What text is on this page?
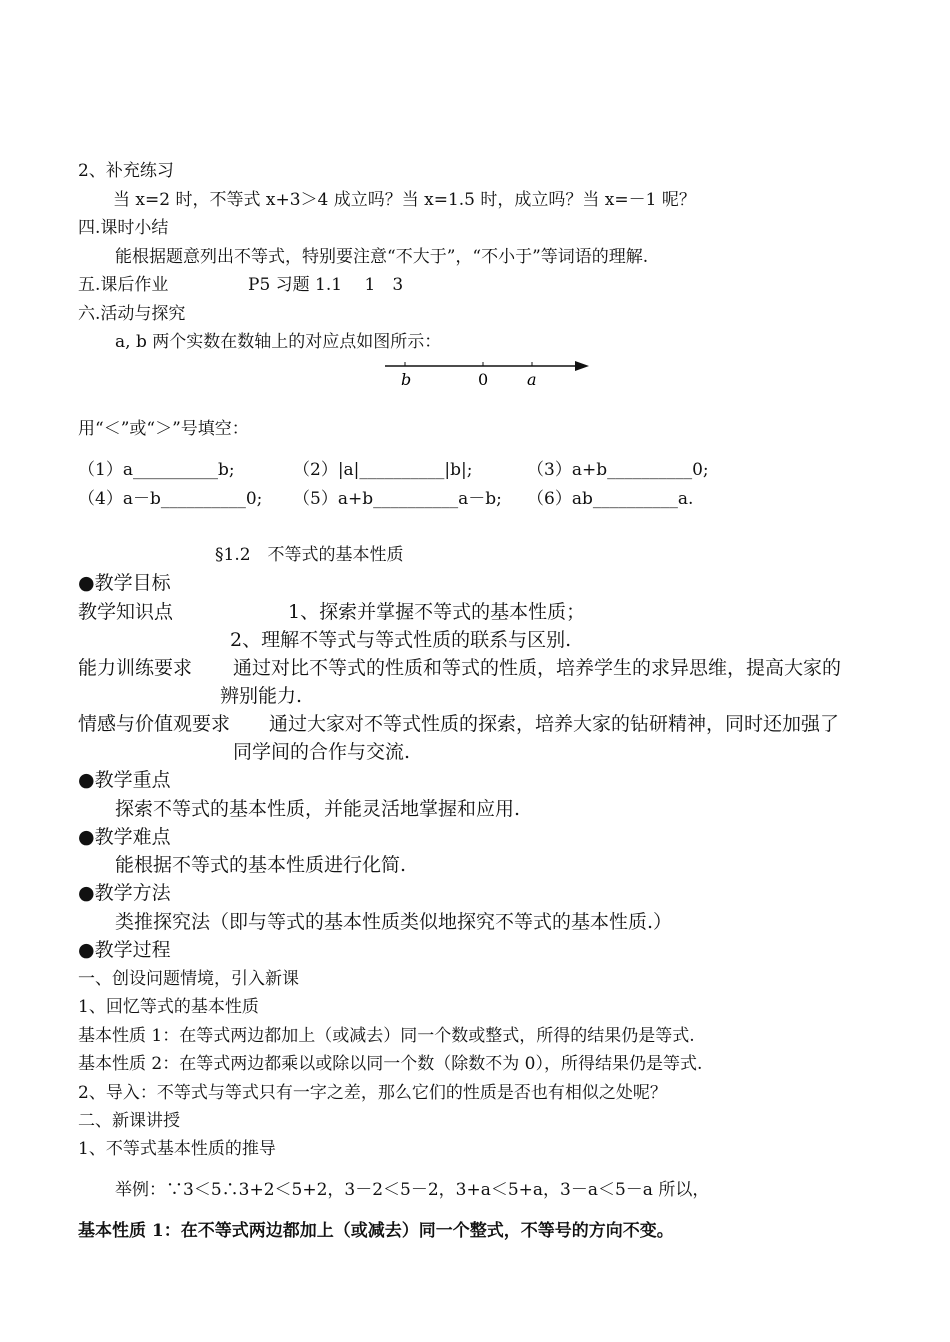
2、补充练习
当 x=2 时，不等式 x+3＞4 成立吗？当 x=1.5 时，成立吗？当 x=－1 呢？
四.课时小结
能根据题意列出不等式，特别要注意“不大于”，“不小于”等词语的理解.
五.课后作业	P5 习题 1.1　 1　3
六.活动与探究
a, b 两个实数在数轴上的对应点如图所示：
b	0 a
用“＜”或“＞”号填空：
（1）a__________b;	（2）|a|__________|b|;	（3）a+b__________0;
（4）a－b__________0; （5）a+b__________a－b; （6）ab__________a.
§1.2　不等式的基本性质
●教学目标
教学知识点	1、探索并掌握不等式的基本性质；
2、理解不等式与等式性质的联系与区别.
能力训练要求 通过对比不等式的性质和等式的性质，培养学生的求异思维，提高大家的
辨别能力.
情感与价值观要求 通过大家对不等式性质的探索，培养大家的钻研精神，同时还加强了
同学间的合作与交流.
●教学重点
探索不等式的基本性质，并能灵活地掌握和应用.
●教学难点
能根据不等式的基本性质进行化简.
●教学方法
类推探究法（即与等式的基本性质类似地探究不等式的基本性质.）
●教学过程
一、创设问题情境，引入新课
1、回忆等式的基本性质
基本性质 1：在等式两边都加上（或减去）同一个数或整式，所得的结果仍是等式.
基本性质 2：在等式两边都乘以或除以同一个数（除数不为 0），所得结果仍是等式.
2、导入：不等式与等式只有一字之差，那么它们的性质是否也有相似之处呢？
二、新课讲授
1、不等式基本性质的推导
举例：∵3＜5∴3+2＜5+2，3－2＜5－2，3+a＜5+a，3－a＜5－a 所以，
基本性质 1：在不等式两边都加上（或减去）同一个整式，不等号的方向不变。
